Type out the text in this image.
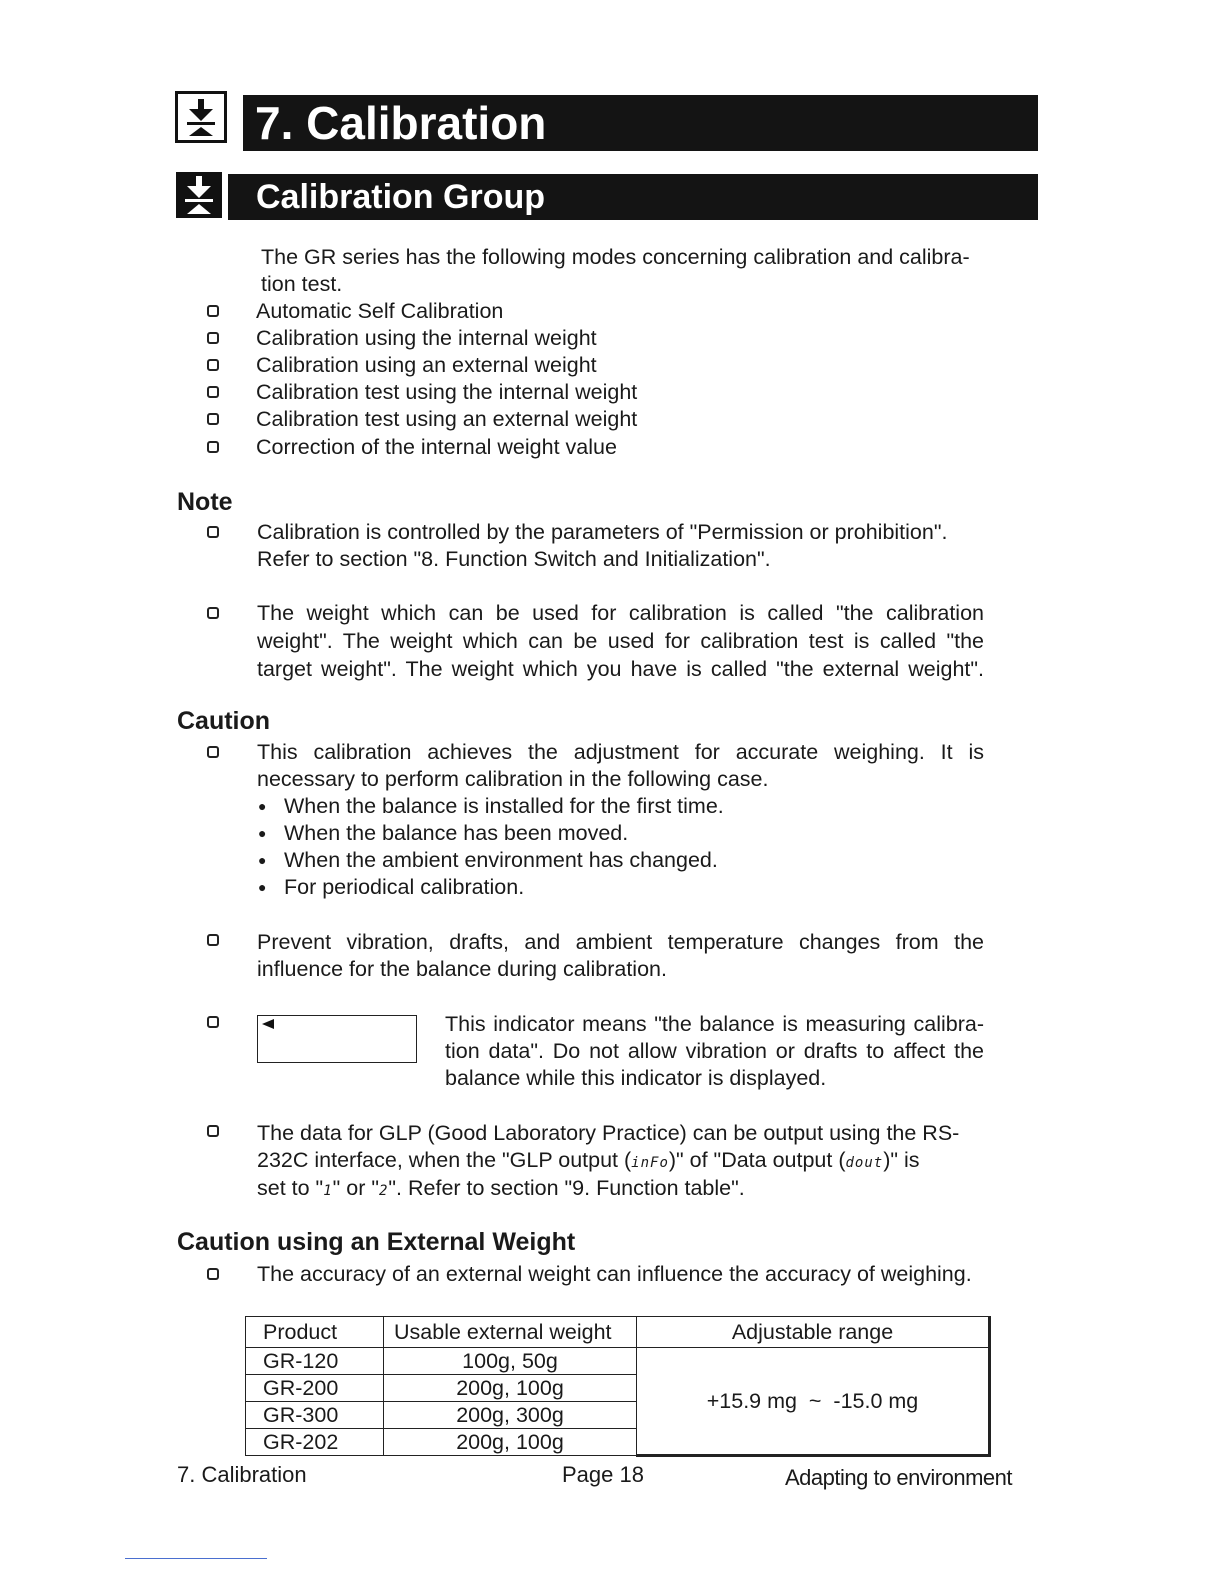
7. Calibration
Calibration Group
The GR series has the following modes concerning calibration and calibra-
tion test.
Automatic Self Calibration
Calibration using the internal weight
Calibration using an external weight
Calibration test using the internal weight
Calibration test using an external weight
Correction of the internal weight value
Note
Calibration is controlled by the parameters of "Permission or prohibition".
Refer to section "8. Function Switch and Initialization".
The weight which can be used for calibration is called "the calibration
weight". The weight which can be used for calibration test is called "the
target weight". The weight which you have is called "the external weight".
Caution
This calibration achieves the adjustment for accurate weighing. It is
necessary to perform calibration in the following case.
● When the balance is installed for the first time.
● When the balance has been moved.
● When the ambient environment has changed.
● For periodical calibration.
Prevent vibration, drafts, and ambient temperature changes from the
influence for the balance during calibration.
This indicator means "the balance is measuring calibra-
tion data". Do not allow vibration or drafts to affect the
balance while this indicator is displayed.
The data for GLP (Good Laboratory Practice) can be output using the RS-
232C interface, when the "GLP output (inFo)" of "Data output (dout)" is
set to "1" or "2". Refer to section "9. Function table".
Caution using an External Weight
The accuracy of an external weight can influence the accuracy of weighing.
Product	Usable external weight	Adjustable range
GR-120	100g, 50g	+15.9 mg  ~  -15.0 mg
GR-200	200g, 100g	
GR-300	200g, 300g	
GR-202	200g, 100g	
7. Calibration	Page 18	Adapting to environment
